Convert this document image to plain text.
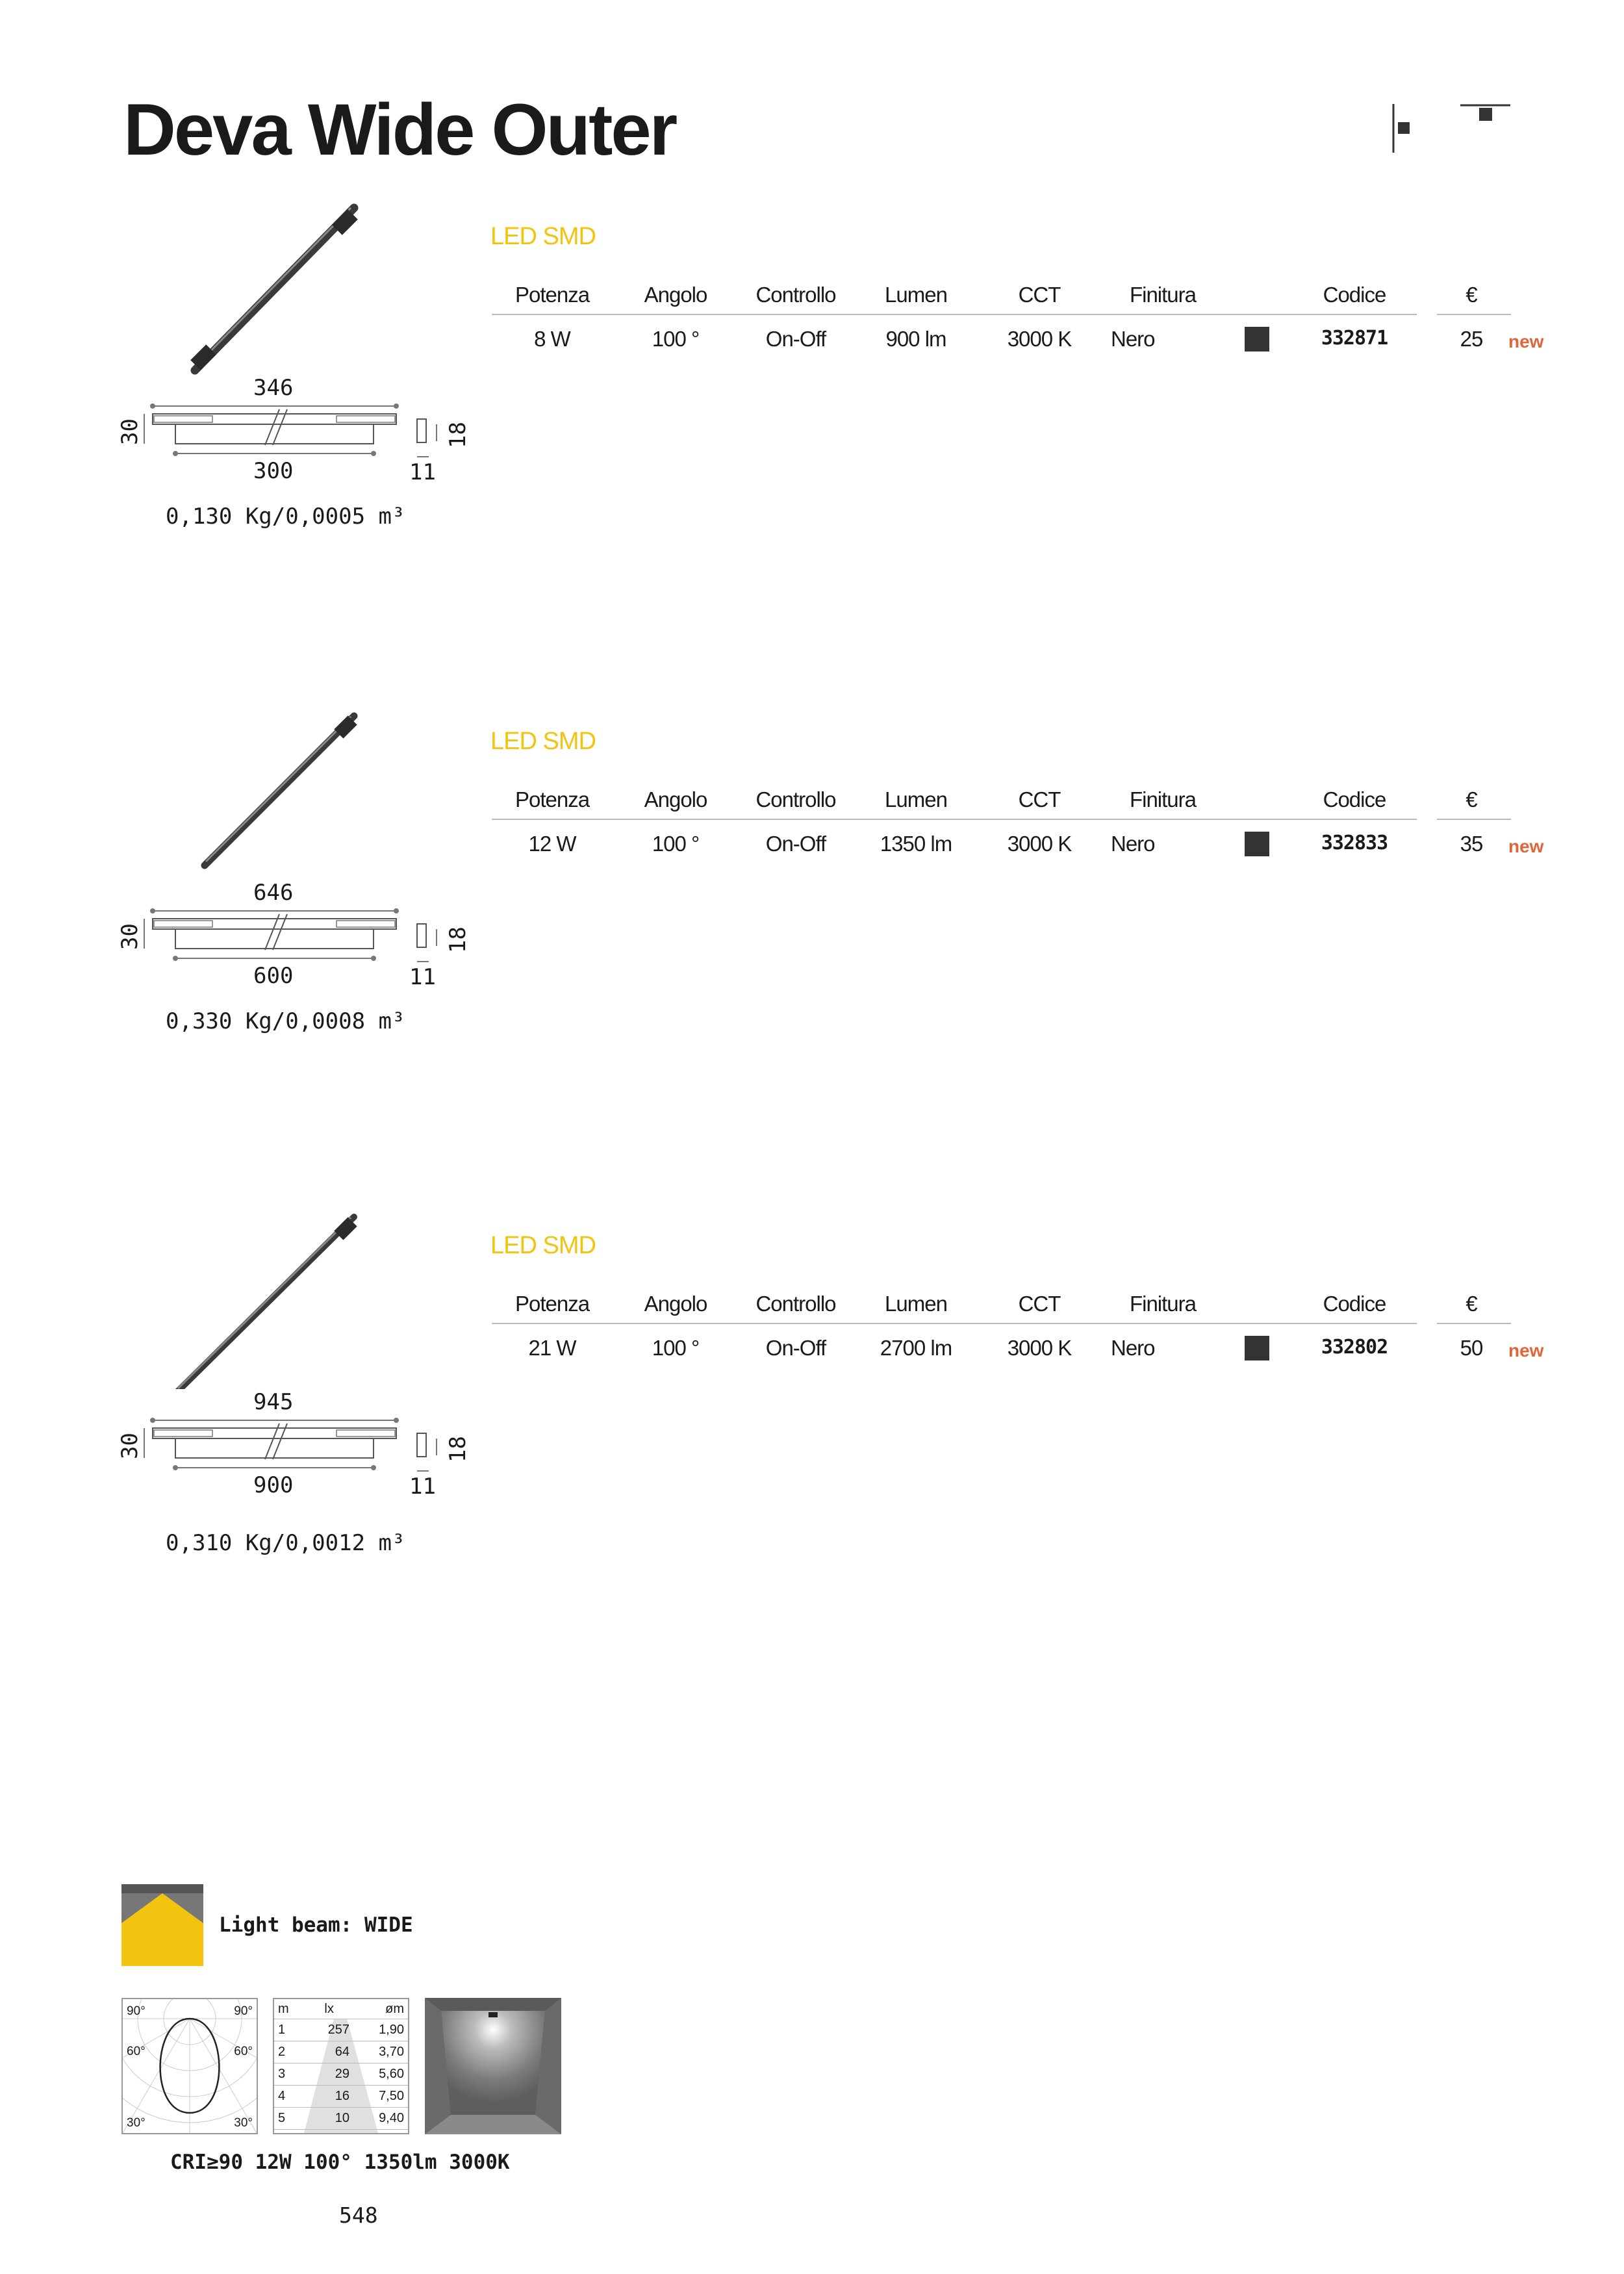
Deva Wide Outer
346
300
30	18
11
0,130 Kg/0,0005 m³
LED SMD
Potenza	Angolo	Controllo	Lumen	CCT	Finitura	Codice	€
8 W	100 °	On-Off	900 lm	3000 K	Nero	332871	25	new
646
600
30	18
11
0,330 Kg/0,0008 m³
LED SMD
Potenza	Angolo	Controllo	Lumen	CCT	Finitura	Codice	€
12 W	100 °	On-Off	1350 lm	3000 K	Nero	332833	35	new
945
900
30	18
11
0,310 Kg/0,0012 m³
LED SMD
Potenza	Angolo	Controllo	Lumen	CCT	Finitura	Codice	€
21 W	100 °	On-Off	2700 lm	3000 K	Nero	332802	50	new
Light beam: WIDE
90°	90°
60°	60°
30°	30°
m	lx	øm
1	257	1,90
2	64	3,70
3	29	5,60
4	16	7,50
5	10	9,40
CRI≥90 12W 100° 1350lm 3000K
548
